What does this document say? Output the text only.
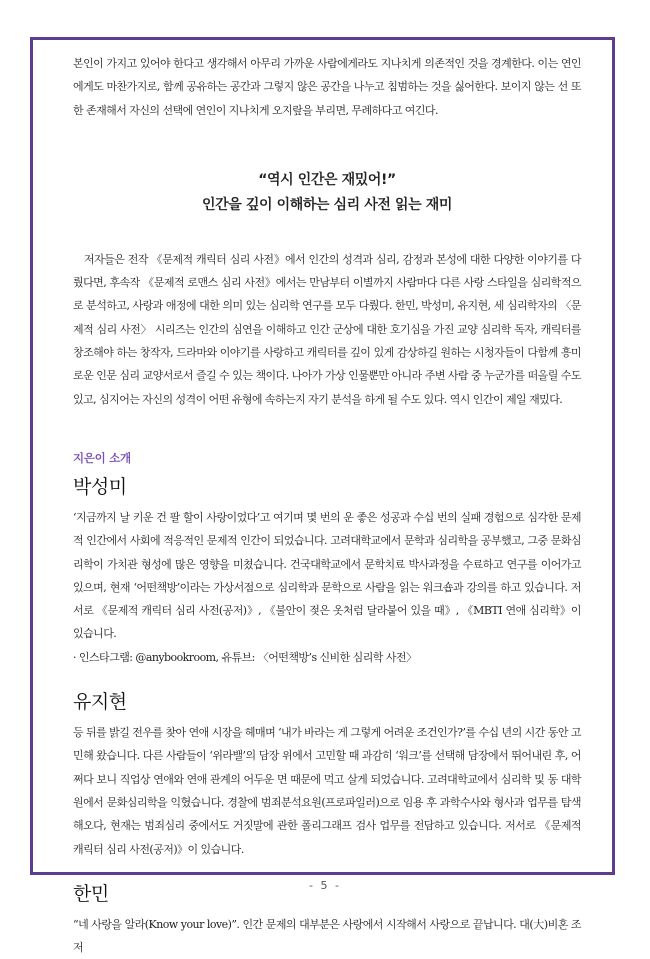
본인이 가지고 있어야 한다고 생각해서 아무리 가까운 사람에게라도 지나치게 의존적인 것을 경계한다. 이는 연인에게도 마찬가지로, 함께 공유하는 공간과 그렇지 않은 공간을 나누고 침범하는 것을 싫어한다. 보이지 않는 선 또한 존재해서 자신의 선택에 연인이 지나치게 오지랖을 부리면, 무례하다고 여긴다.

“역시 인간은 재밌어!”
인간을 깊이 이해하는 심리 사전 읽는 재미

저자들은 전작 《문제적 캐릭터 심리 사전》에서 인간의 성격과 심리, 감정과 본성에 대한 다양한 이야기를 다뤘다면, 후속작 《문제적 로맨스 심리 사전》에서는 만남부터 이별까지 사람마다 다른 사랑 스타일을 심리학적으로 분석하고, 사랑과 애정에 대한 의미 있는 심리학 연구를 모두 다뤘다. 한민, 박성미, 유지현, 세 심리학자의 〈문제적 심리 사전〉 시리즈는 인간의 심연을 이해하고 인간 군상에 대한 호기심을 가진 교양 심리학 독자, 캐릭터를 창조해야 하는 창작자, 드라마와 이야기를 사랑하고 캐릭터를 깊이 있게 감상하길 원하는 시청자들이 다함께 흥미로운 인문 심리 교양서로서 즐길 수 있는 책이다. 나아가 가상 인물뿐만 아니라 주변 사람 중 누군가를 떠올릴 수도 있고, 심지어는 자신의 성격이 어떤 유형에 속하는지 자기 분석을 하게 될 수도 있다. 역시 인간이 제일 재밌다.

지은이 소개
박성미

‘지금까지 날 키운 건 팔 할이 사랑이었다’고 여기며 몇 번의 운 좋은 성공과 수십 번의 실패 경험으로 심각한 문제적 인간에서 사회에 적응적인 문제적 인간이 되었습니다. 고려대학교에서 문학과 심리학을 공부했고, 그중 문화심리학이 가치관 형성에 많은 영향을 미쳤습니다. 건국대학교에서 문학치료 박사과정을 수료하고 연구를 이어가고 있으며, 현재 ‘어떤책방’이라는 가상서점으로 심리학과 문학으로 사람을 읽는 워크숍과 강의를 하고 있습니다. 저서로 《문제적 캐릭터 심리 사전(공저)》, 《불안이 젖은 옷처럼 달라붙어 있을 때》, 《MBTI 연애 심리학》이 있습니다.

· 인스타그램: @anybookroom, 유튜브: 〈어떤책방’s 신비한 심리학 사전〉

유지현

등 뒤를 밝길 전우를 찾아 연애 시장을 헤매며 ‘내가 바라는 게 그렇게 어려운 조건인가?’를 수십 년의 시간 동안 고민해 왔습니다. 다른 사람들이 ‘위라밸’의 담장 위에서 고민할 때 과감히 ‘워크’를 선택해 담장에서 뛰어내린 후, 어쩌다 보니 직업상 연애와 연애 관계의 어두운 면 때문에 먹고 살게 되었습니다. 고려대학교에서 심리학 및 동 대학원에서 문화심리학을 익혔습니다. 경찰에 범죄분석요원(프로파일러)으로 임용 후 과학수사와 형사과 업무를 탐색해오다, 현재는 범죄심리 중에서도 거짓말에 관한 폴리그래프 검사 업무를 전담하고 있습니다. 저서로 《문제적 캐릭터 심리 사전(공저)》이 있습니다.

한민

“네 사랑을 알라(Know your love)”. 인간 문제의 대부분은 사랑에서 시작해서 사랑으로 끝납니다. 대(大)비혼 조저

- 5 -
